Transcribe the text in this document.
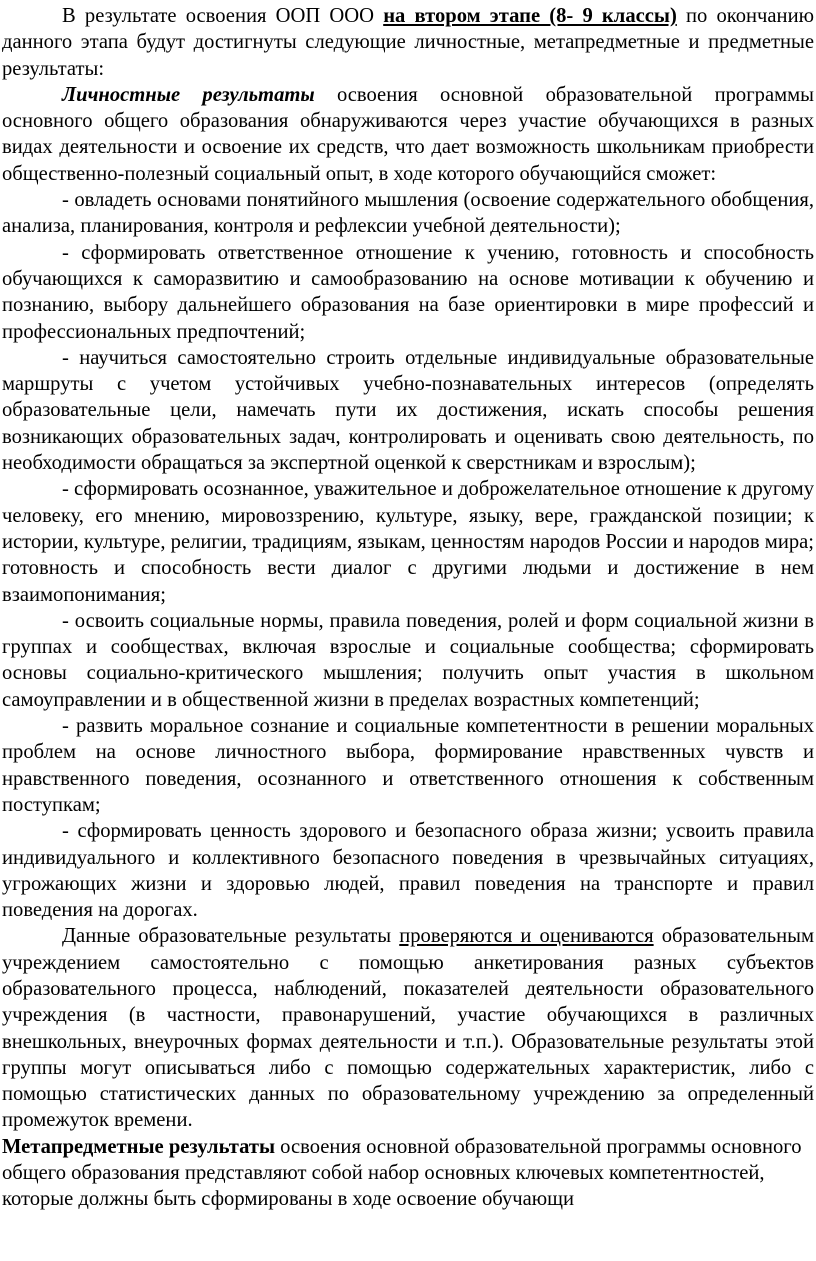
В результате освоения ООП ООО на втором этапе (8- 9 классы) по окончанию данного этапа будут достигнуты следующие личностные, метапредметные и предметные результаты:

Личностные результаты освоения основной образовательной программы основного общего образования обнаруживаются через участие обучающихся в разных видах деятельности и освоение их средств, что дает возможность школьникам приобрести общественно-полезный социальный опыт, в ходе которого обучающийся сможет:

- овладеть основами понятийного мышления (освоение содержательного обобщения, анализа, планирования, контроля и рефлексии учебной деятельности);

- сформировать ответственное отношение к учению, готовность и способность обучающихся к саморазвитию и самообразованию на основе мотивации к обучению и познанию, выбору дальнейшего образования на базе ориентировки в мире профессий и профессиональных предпочтений;

- научиться самостоятельно строить отдельные индивидуальные образовательные маршруты с учетом устойчивых учебно-познавательных интересов (определять образовательные цели, намечать пути их достижения, искать способы решения возникающих образовательных задач, контролировать и оценивать свою деятельность, по необходимости обращаться за экспертной оценкой к сверстникам и взрослым);

- сформировать осознанное, уважительное и доброжелательное отношение к другому человеку, его мнению, мировоззрению, культуре, языку, вере, гражданской позиции; к истории, культуре, религии, традициям, языкам, ценностям народов России и народов мира; готовность и способность вести диалог с другими людьми и достижение в нем взаимопонимания;

- освоить социальные нормы, правила поведения, ролей и форм социальной жизни в группах и сообществах, включая взрослые и социальные сообщества; сформировать основы социально-критического мышления; получить опыт участия в школьном самоуправлении и в общественной жизни в пределах возрастных компетенций;

- развить моральное сознание и социальные компетентности в решении моральных проблем на основе личностного выбора, формирование нравственных чувств и нравственного поведения, осознанного и ответственного отношения к собственным поступкам;

- сформировать ценность здорового и безопасного образа жизни; усвоить правила индивидуального и коллективного безопасного поведения в чрезвычайных ситуациях, угрожающих жизни и здоровью людей, правил поведения на транспорте и правил поведения на дорогах.

Данные образовательные результаты проверяются и оцениваются образовательным учреждением самостоятельно с помощью анкетирования разных субъектов образовательного процесса, наблюдений, показателей деятельности образовательного учреждения (в частности, правонарушений, участие обучающихся в различных внешкольных, внеурочных формах деятельности и т.п.). Образовательные результаты этой группы могут описываться либо с помощью содержательных характеристик, либо с помощью статистических данных по образовательному учреждению за определенный промежуток времени.

Метапредметные результаты освоения основной образовательной программы основного общего образования представляют собой набор основных ключевых компетентностей, которые должны быть сформированы в ходе освоение обучающи
